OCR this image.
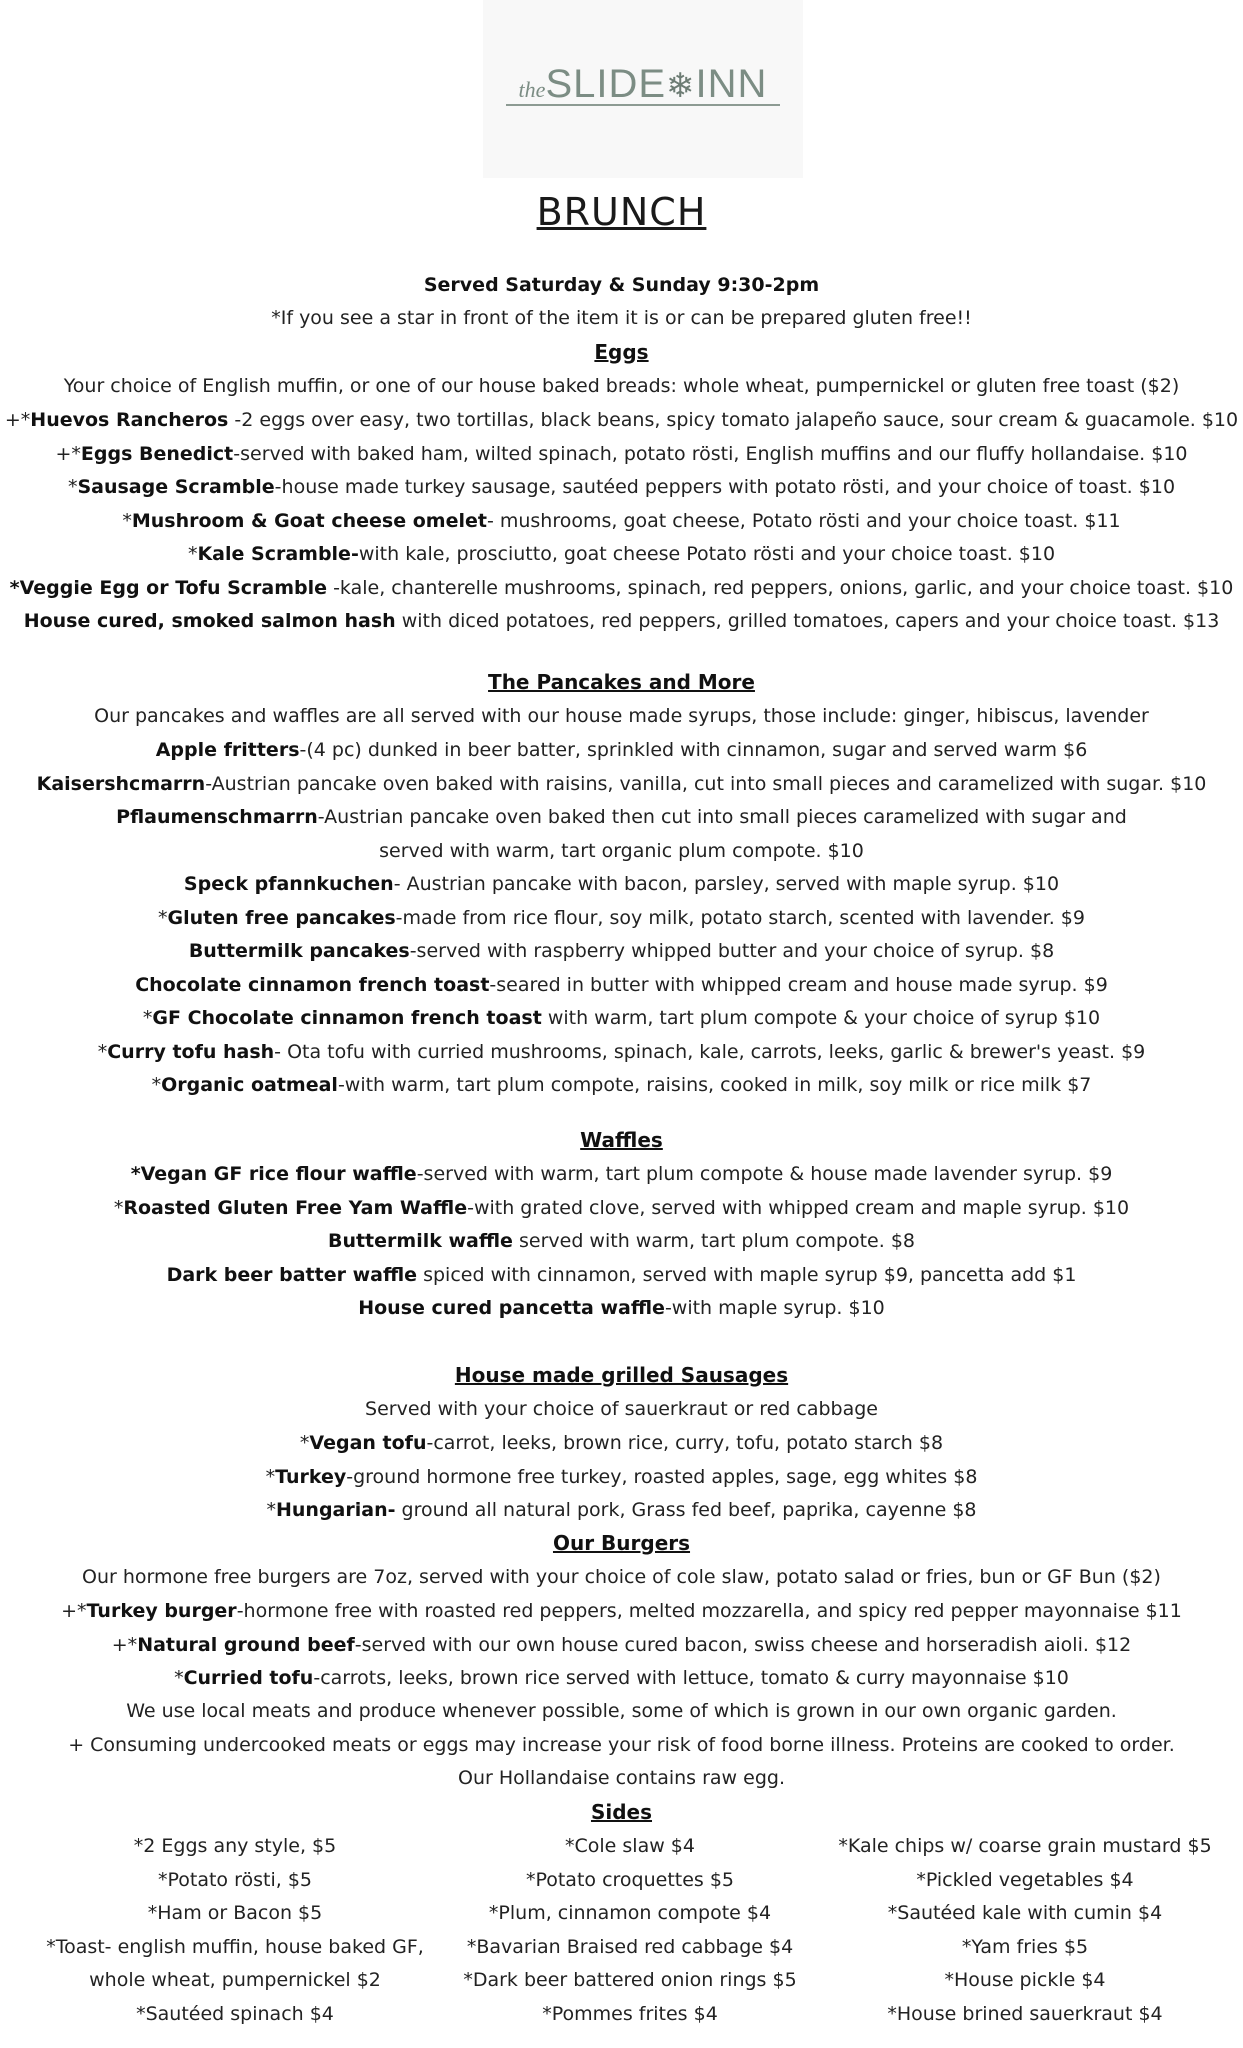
theSLIDE❄INN
BRUNCH
Served Saturday & Sunday 9:30-2pm
*If you see a star in front of the item it is or can be prepared gluten free!!
Eggs
Your choice of English muffin, or one of our house baked breads: whole wheat, pumpernickel or gluten free toast ($2)
+*Huevos Rancheros -2 eggs over easy, two tortillas, black beans, spicy tomato jalapeño sauce, sour cream & guacamole. $10
+*Eggs Benedict-served with baked ham, wilted spinach, potato rösti, English muffins and our fluffy hollandaise. $10
*Sausage Scramble-house made turkey sausage, sautéed peppers with potato rösti, and your choice of toast. $10
*Mushroom & Goat cheese omelet- mushrooms, goat cheese, Potato rösti and your choice toast. $11
*Kale Scramble-with kale, prosciutto, goat cheese Potato rösti and your choice toast. $10
*Veggie Egg or Tofu Scramble -kale, chanterelle mushrooms, spinach, red peppers, onions, garlic, and your choice toast. $10
House cured, smoked salmon hash with diced potatoes, red peppers, grilled tomatoes, capers and your choice toast. $13
The Pancakes and More
Our pancakes and waffles are all served with our house made syrups, those include: ginger, hibiscus, lavender
Apple fritters-(4 pc) dunked in beer batter, sprinkled with cinnamon, sugar and served warm $6
Kaisershcmarrn-Austrian pancake oven baked with raisins, vanilla, cut into small pieces and caramelized with sugar. $10
Pflaumenschmarrn-Austrian pancake oven baked then cut into small pieces caramelized with sugar and
served with warm, tart organic plum compote. $10
Speck pfannkuchen- Austrian pancake with bacon, parsley, served with maple syrup. $10
*Gluten free pancakes-made from rice flour, soy milk, potato starch, scented with lavender. $9
Buttermilk pancakes-served with raspberry whipped butter and your choice of syrup. $8
Chocolate cinnamon french toast-seared in butter with whipped cream and house made syrup. $9
*GF Chocolate cinnamon french toast with warm, tart plum compote & your choice of syrup $10
*Curry tofu hash- Ota tofu with curried mushrooms, spinach, kale, carrots, leeks, garlic & brewer's yeast. $9
*Organic oatmeal-with warm, tart plum compote, raisins, cooked in milk, soy milk or rice milk $7
Waffles
*Vegan GF rice flour waffle-served with warm, tart plum compote & house made lavender syrup. $9
*Roasted Gluten Free Yam Waffle-with grated clove, served with whipped cream and maple syrup. $10
Buttermilk waffle served with warm, tart plum compote. $8
Dark beer batter waffle spiced with cinnamon, served with maple syrup $9, pancetta add $1
House cured pancetta waffle-with maple syrup. $10
House made grilled Sausages
Served with your choice of sauerkraut or red cabbage
*Vegan tofu-carrot, leeks, brown rice, curry, tofu, potato starch $8
*Turkey-ground hormone free turkey, roasted apples, sage, egg whites $8
*Hungarian- ground all natural pork, Grass fed beef, paprika, cayenne $8
Our Burgers
Our hormone free burgers are 7oz, served with your choice of cole slaw, potato salad or fries, bun or GF Bun ($2)
+*Turkey burger-hormone free with roasted red peppers, melted mozzarella, and spicy red pepper mayonnaise $11
+*Natural ground beef-served with our own house cured bacon, swiss cheese and horseradish aioli. $12
*Curried tofu-carrots, leeks, brown rice served with lettuce, tomato & curry mayonnaise $10
We use local meats and produce whenever possible, some of which is grown in our own organic garden.
+ Consuming undercooked meats or eggs may increase your risk of food borne illness. Proteins are cooked to order.
Our Hollandaise contains raw egg.
Sides
*2 Eggs any style, $5
*Potato rösti, $5
*Ham or Bacon $5
*Toast- english muffin, house baked GF,
whole wheat, pumpernickel $2
*Sautéed spinach $4
*Cole slaw $4
*Potato croquettes $5
*Plum, cinnamon compote $4
*Bavarian Braised red cabbage $4
*Dark beer battered onion rings $5
*Pommes frites $4
*Kale chips w/ coarse grain mustard $5
*Pickled vegetables $4
*Sautéed kale with cumin $4
*Yam fries $5
*House pickle $4
*House brined sauerkraut $4
